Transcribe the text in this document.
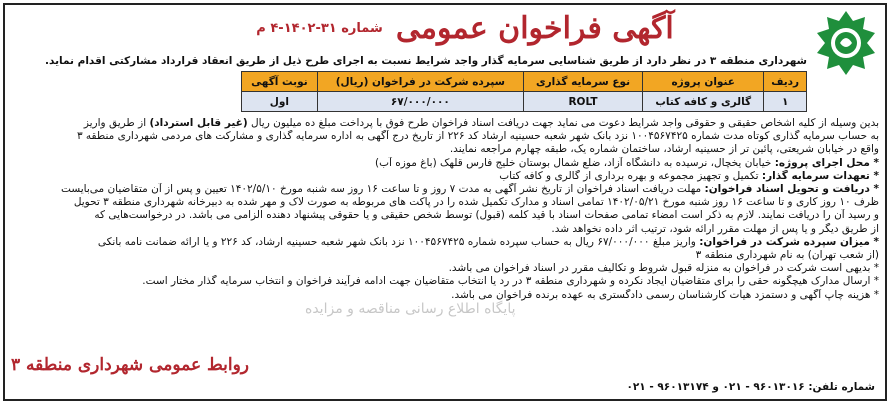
آگهی فراخوان عمومی شماره ۳۱-۱۴۰۲-۴ م
شهرداری منطقه ۳ در نظر دارد از طریق شناسایی سرمایه گذار واجد شرایط نسبت به اجرای طرح ذیل از طریق انعقاد قرارداد مشارکتی اقدام نماید.
ردیف	عنوان پروژه	نوع سرمایه گذاری	سپرده شرکت در فراخوان (ریال)	نوبت آگهی
۱	گالری و کافه کتاب	ROLT	۶۷/۰۰۰/۰۰۰	اول

بدین وسیله از کلیه اشخاص حقیقی و حقوقی واجد شرایط دعوت می نماید جهت دریافت اسناد فراخوان طرح فوق با پرداخت مبلغ ده میلیون ریال (غیر قابل استرداد) از طریق واریز

به حساب سرمایه گذاری کوتاه مدت شماره ۱۰۰۴۵۶۷۴۲۵ نزد بانک شهر شعبه حسینیه ارشاد کد ۲۲۶ از تاریخ درج آگهی به اداره سرمایه گذاری و مشارکت های مردمی شهرداری منطقه ۳

واقع در خیابان شریعتی، پائین تر از حسینیه ارشاد، ساختمان شماره یک، طبقه چهارم مراجعه نمایند.

* محل اجرای پروژه: خیابان یخچال، نرسیده به دانشگاه آزاد، ضلع شمال بوستان خلیج فارس قلهک (باغ موزه آب)

* تعهدات سرمایه گذار: تکمیل و تجهیز مجموعه و بهره برداری از گالری و کافه کتاب

* دریافت و تحویل اسناد فراخوان: مهلت دریافت اسناد فراخوان از تاریخ نشر آگهی به مدت ۷ روز و تا ساعت ۱۶ روز سه شنبه مورخ ۱۴۰۲/۵/۱۰ تعیین و پس از آن متقاضیان می‌بایست

ظرف ۱۰ روز کاری و تا ساعت ۱۶ روز شنبه مورخ ۱۴۰۲/۰۵/۲۱ تمامی اسناد و مدارک تکمیل شده را در پاکت های مربوطه به صورت لاک و مهر شده به دبیرخانه شهرداری منطقه ۳ تحویل

و رسید آن را دریافت نمایند. لازم به ذکر است امضاء تمامی صفحات اسناد با قید کلمه (قبول) توسط شخص حقیقی و یا حقوقی پیشنهاد دهنده الزامی می باشد. در درخواست‌هایی که

از طریق دیگر و یا پس از مهلت مقرر ارائه شود، ترتیب اثر داده نخواهد شد.

* میزان سپرده شرکت در فراخوان: واریز مبلغ ۶۷/۰۰۰/۰۰۰ ریال به حساب سپرده شماره ۱۰۰۴۵۶۷۴۲۵ نزد بانک شهر شعبه حسینیه ارشاد، کد ۲۲۶ و یا ارائه ضمانت نامه بانکی

(از شعب تهران) به نام شهرداری منطقه ۳

* بدیهی است شرکت در فراخوان به منزله قبول شروط و تکالیف مقرر در اسناد فراخوان می باشد.

* ارسال مدارک هیچگونه حقی را برای متقاضیان ایجاد نکرده و شهرداری منطقه ۳ در رد یا انتخاب متقاضیان جهت ادامه فرآیند فراخوان و انتخاب سرمایه گذار مختار است.

* هزینه چاپ آگهی و دستمزد هیأت کارشناسان رسمی دادگستری به عهده برنده فراخوان می باشد.

پایگاه اطلاع رسانی مناقصه و مزایده
روابط عمومی شهرداری منطقه ۳
شماره تلفن: ۹۶۰۱۳۰۱۶ - ۰۲۱ و ۹۶۰۱۳۱۷۴ - ۰۲۱
